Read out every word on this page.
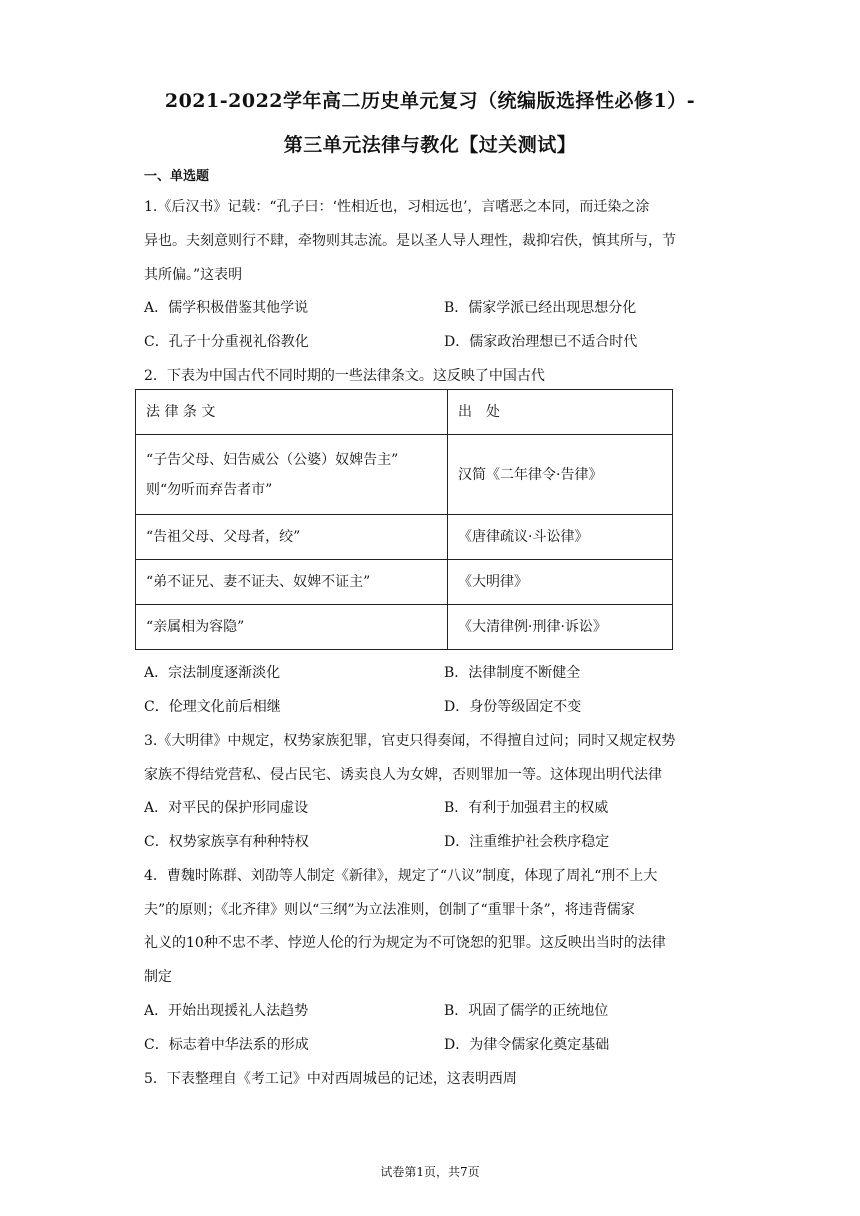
2021-2022学年高二历史单元复习（统编版选择性必修1）-
第三单元法律与教化【过关测试】
一、单选题
1.《后汉书》记载：“孔子曰：‘性相近也，习相远也’，言嗜恶之本同，而迁染之涂
异也。夫刻意则行不肆，牵物则其志流。是以圣人导人理性，裁抑宕佚，慎其所与，节
其所偏。”这表明
A．儒学积极借鉴其他学说	B．儒家学派已经出现思想分化
C．孔子十分重视礼俗教化	D．儒家政治理想已不适合时代
2．下表为中国古代不同时期的一些法律条文。这反映了中国古代
法 律 条 文	出　处

“子告父母、妇告威公（公婆）奴婢告主”
则“勿听而弃告者市”	汉简《二年律令·告律》
“告祖父母、父母者，绞”	《唐律疏议·斗讼律》
“弟不证兄、妻不证夫、奴婢不证主”	《大明律》
“亲属相为容隐”	《大清律例·刑律·诉讼》
A．宗法制度逐渐淡化	B．法律制度不断健全
C．伦理文化前后相继	D．身份等级固定不变
3.《大明律》中规定，权势家族犯罪，官吏只得奏闻，不得擅自过问；同时又规定权势
家族不得结党营私、侵占民宅、诱卖良人为女婢，否则罪加一等。这体现出明代法律
A．对平民的保护形同虚设	B．有利于加强君主的权威
C．权势家族享有种种特权	D．注重维护社会秩序稳定
4．曹魏时陈群、刘劭等人制定《新律》，规定了“八议”制度，体现了周礼“刑不上大
夫”的原则；《北齐律》则以“三纲”为立法准则，创制了“重罪十条”，将违背儒家
礼义的10种不忠不孝、悖逆人伦的行为规定为不可饶恕的犯罪。这反映出当时的法律
制定
A．开始出现援礼人法趋势	B．巩固了儒学的正统地位
C．标志着中华法系的形成	D．为律令儒家化奠定基础
5．下表整理自《考工记》中对西周城邑的记述，这表明西周
试卷第1页，共7页
